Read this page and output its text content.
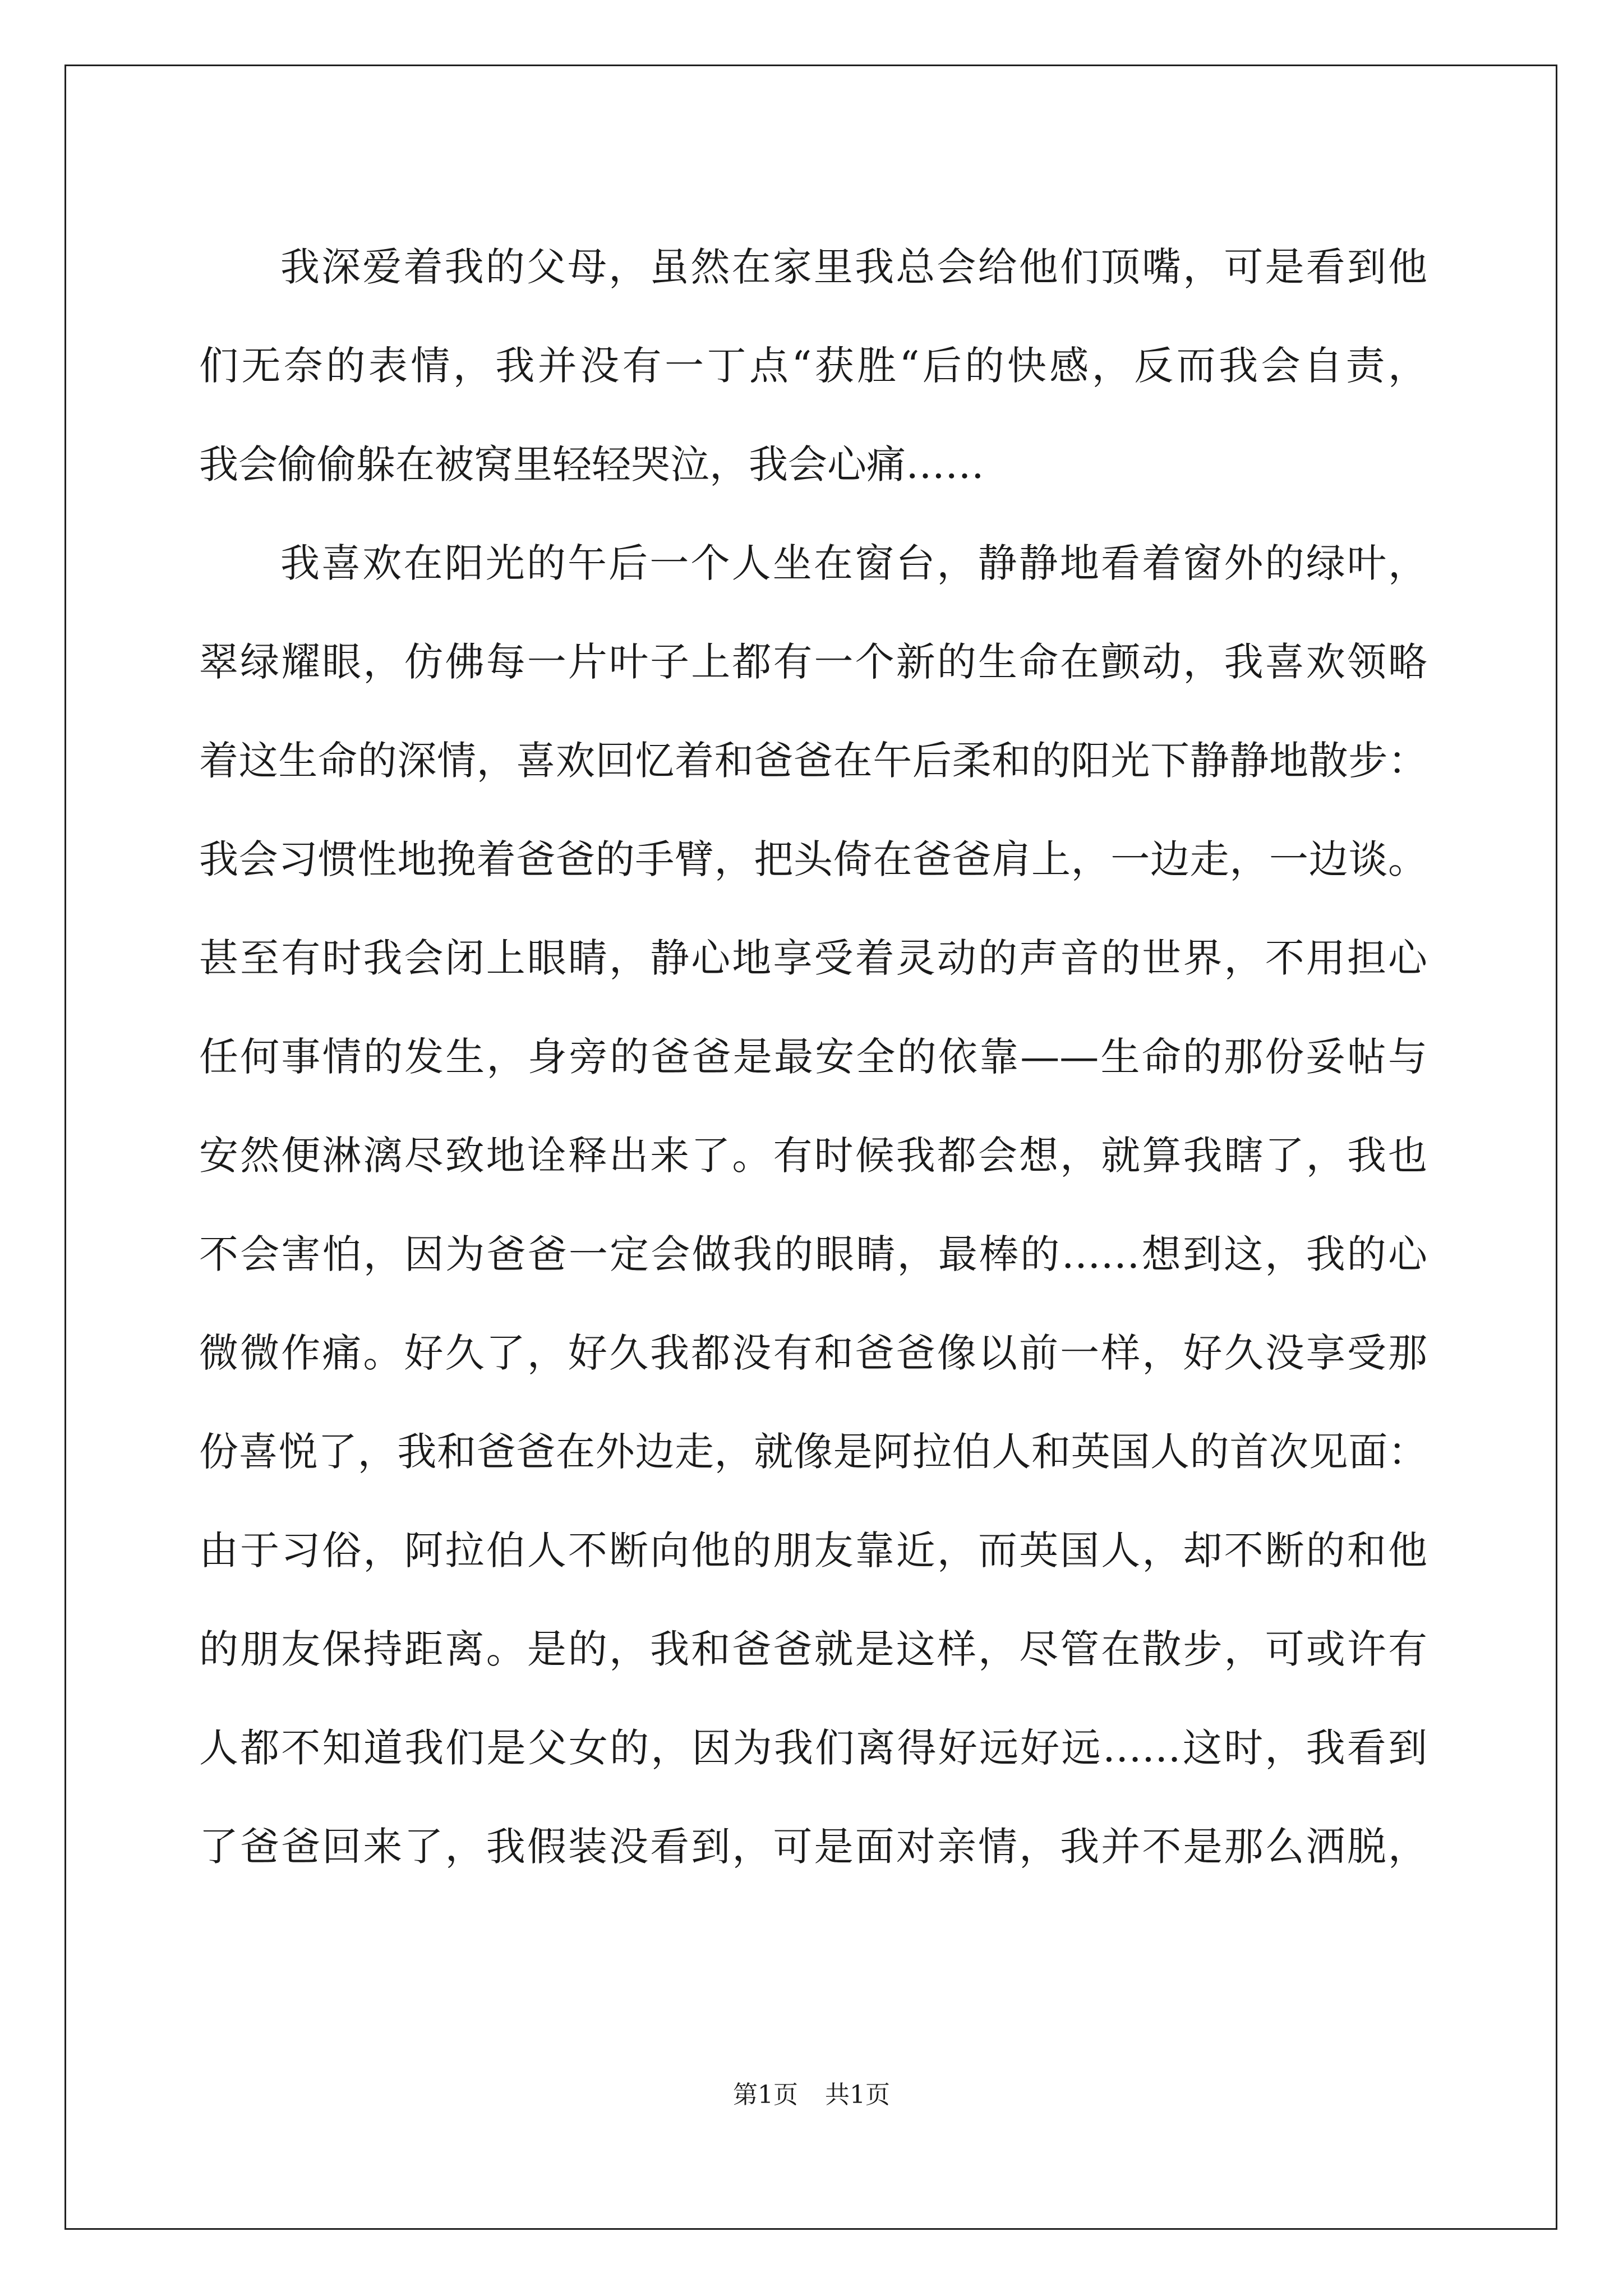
我深爱着我的父母，虽然在家里我总会给他们顶嘴，可是看到他
们无奈的表情，我并没有一丁点“获胜“后的快感，反而我会自责，
我会偷偷躲在被窝里轻轻哭泣，我会心痛……
我喜欢在阳光的午后一个人坐在窗台，静静地看着窗外的绿叶，
翠绿耀眼，仿佛每一片叶子上都有一个新的生命在颤动，我喜欢领略
着这生命的深情，喜欢回忆着和爸爸在午后柔和的阳光下静静地散步：
我会习惯性地挽着爸爸的手臂，把头倚在爸爸肩上，一边走，一边谈。
甚至有时我会闭上眼睛，静心地享受着灵动的声音的世界，不用担心
任何事情的发生，身旁的爸爸是最安全的依靠——生命的那份妥帖与
安然便淋漓尽致地诠释出来了。有时候我都会想，就算我瞎了，我也
不会害怕，因为爸爸一定会做我的眼睛，最棒的……想到这，我的心
微微作痛。好久了，好久我都没有和爸爸像以前一样，好久没享受那
份喜悦了，我和爸爸在外边走，就像是阿拉伯人和英国人的首次见面：
由于习俗，阿拉伯人不断向他的朋友靠近，而英国人，却不断的和他
的朋友保持距离。是的，我和爸爸就是这样，尽管在散步，可或许有
人都不知道我们是父女的，因为我们离得好远好远……这时，我看到
了爸爸回来了，我假装没看到，可是面对亲情，我并不是那么洒脱，
第1页 共1页
